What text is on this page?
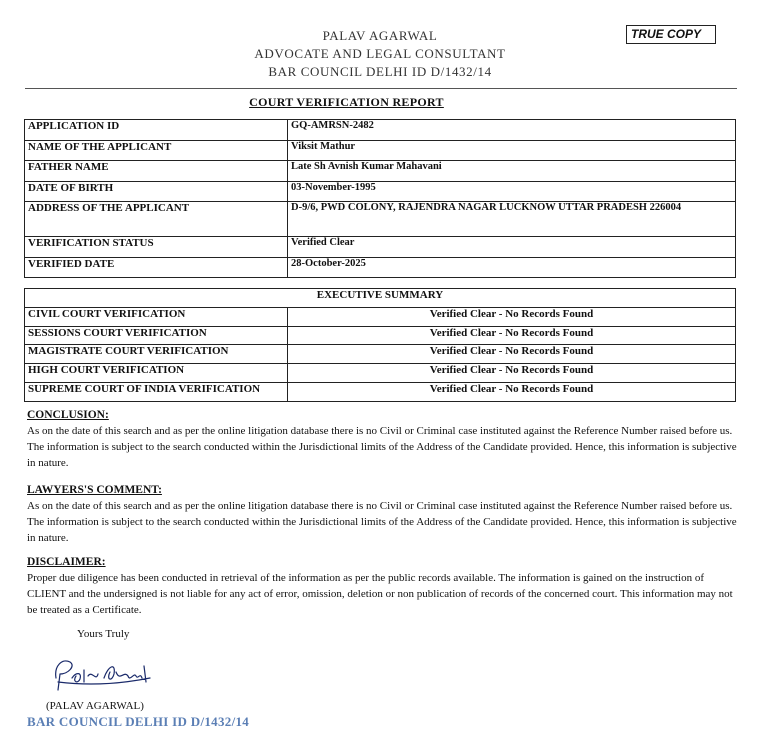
PALAV AGARWAL
ADVOCATE AND LEGAL CONSULTANT
BAR COUNCIL DELHI ID D/1432/14
TRUE COPY
COURT VERIFICATION REPORT
APPLICATION ID	GQ-AMRSN-2482
NAME OF THE APPLICANT	Viksit Mathur
FATHER NAME	Late Sh Avnish Kumar Mahavani
DATE OF BIRTH	03-November-1995
ADDRESS OF THE APPLICANT	D-9/6, PWD COLONY, RAJENDRA NAGAR LUCKNOW UTTAR PRADESH 226004
VERIFICATION STATUS	Verified Clear
VERIFIED DATE	28-October-2025
EXECUTIVE SUMMARY	
CIVIL COURT VERIFICATION	Verified Clear - No Records Found
SESSIONS COURT VERIFICATION	Verified Clear - No Records Found
MAGISTRATE COURT VERIFICATION	Verified Clear - No Records Found
HIGH COURT VERIFICATION	Verified Clear - No Records Found
SUPREME COURT OF INDIA VERIFICATION	Verified Clear - No Records Found
CONCLUSION:

As on the date of this search and as per the online litigation database there is no Civil or Criminal case instituted against the Reference Number raised before us. The information is subject to the search conducted within the Jurisdictional limits of the Address of the Candidate provided. Hence, this information is subjective in nature.

LAWYERS'S COMMENT:

As on the date of this search and as per the online litigation database there is no Civil or Criminal case instituted against the Reference Number raised before us. The information is subject to the search conducted within the Jurisdictional limits of the Address of the Candidate provided. Hence, this information is subjective in nature.

DISCLAIMER:

Proper due diligence has been conducted in retrieval of the information as per the public records available. The information is gained on the instruction of CLIENT and the undersigned is not liable for any act of error, omission, deletion or non publication of records of the concerned court. This information may not be treated as a Certificate.

Yours Truly
(PALAV AGARWAL)
BAR COUNCIL DELHI ID D/1432/14
